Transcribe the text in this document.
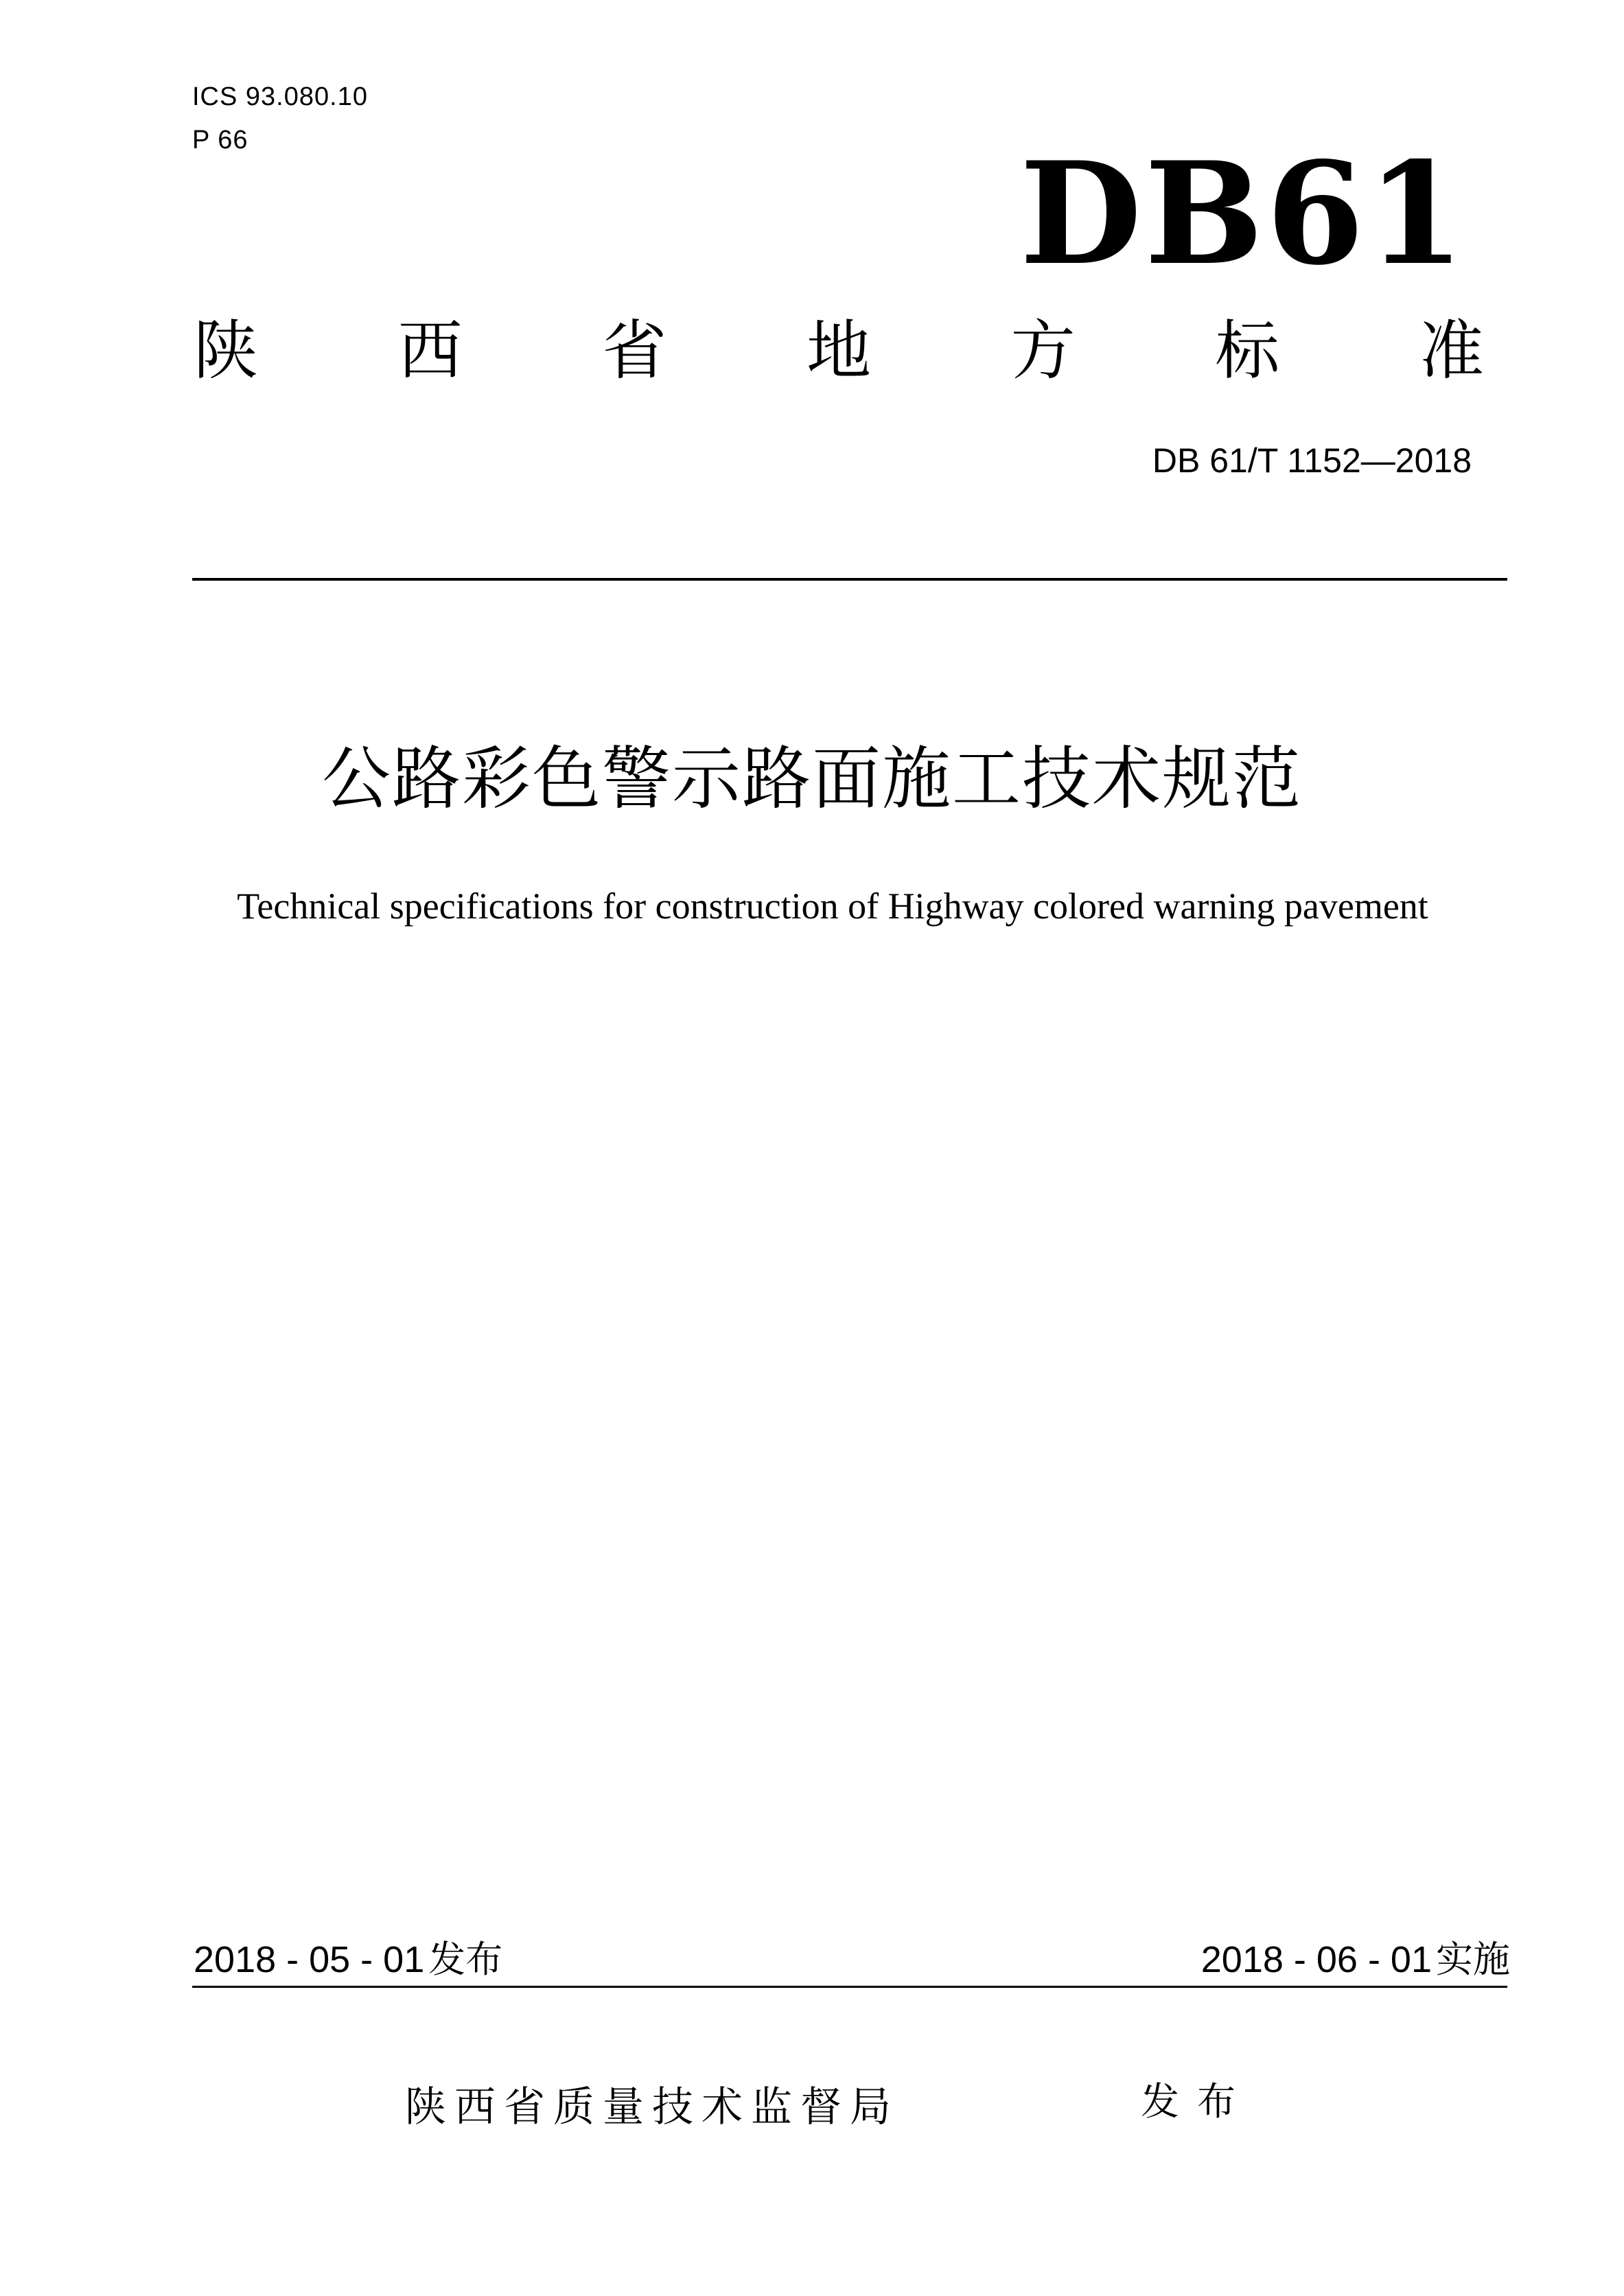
ICS 93.080.10
P 66	DB61
陕 西 省 地 方 标 准
DB 61/T 1152—2018
公路彩色警示路面施工技术规范
Technical specifications for construction of Highway colored warning pavement
2018 - 05 - 01 发布	2018 - 06 - 01 实施
陕西省质量技术监督局	发布
